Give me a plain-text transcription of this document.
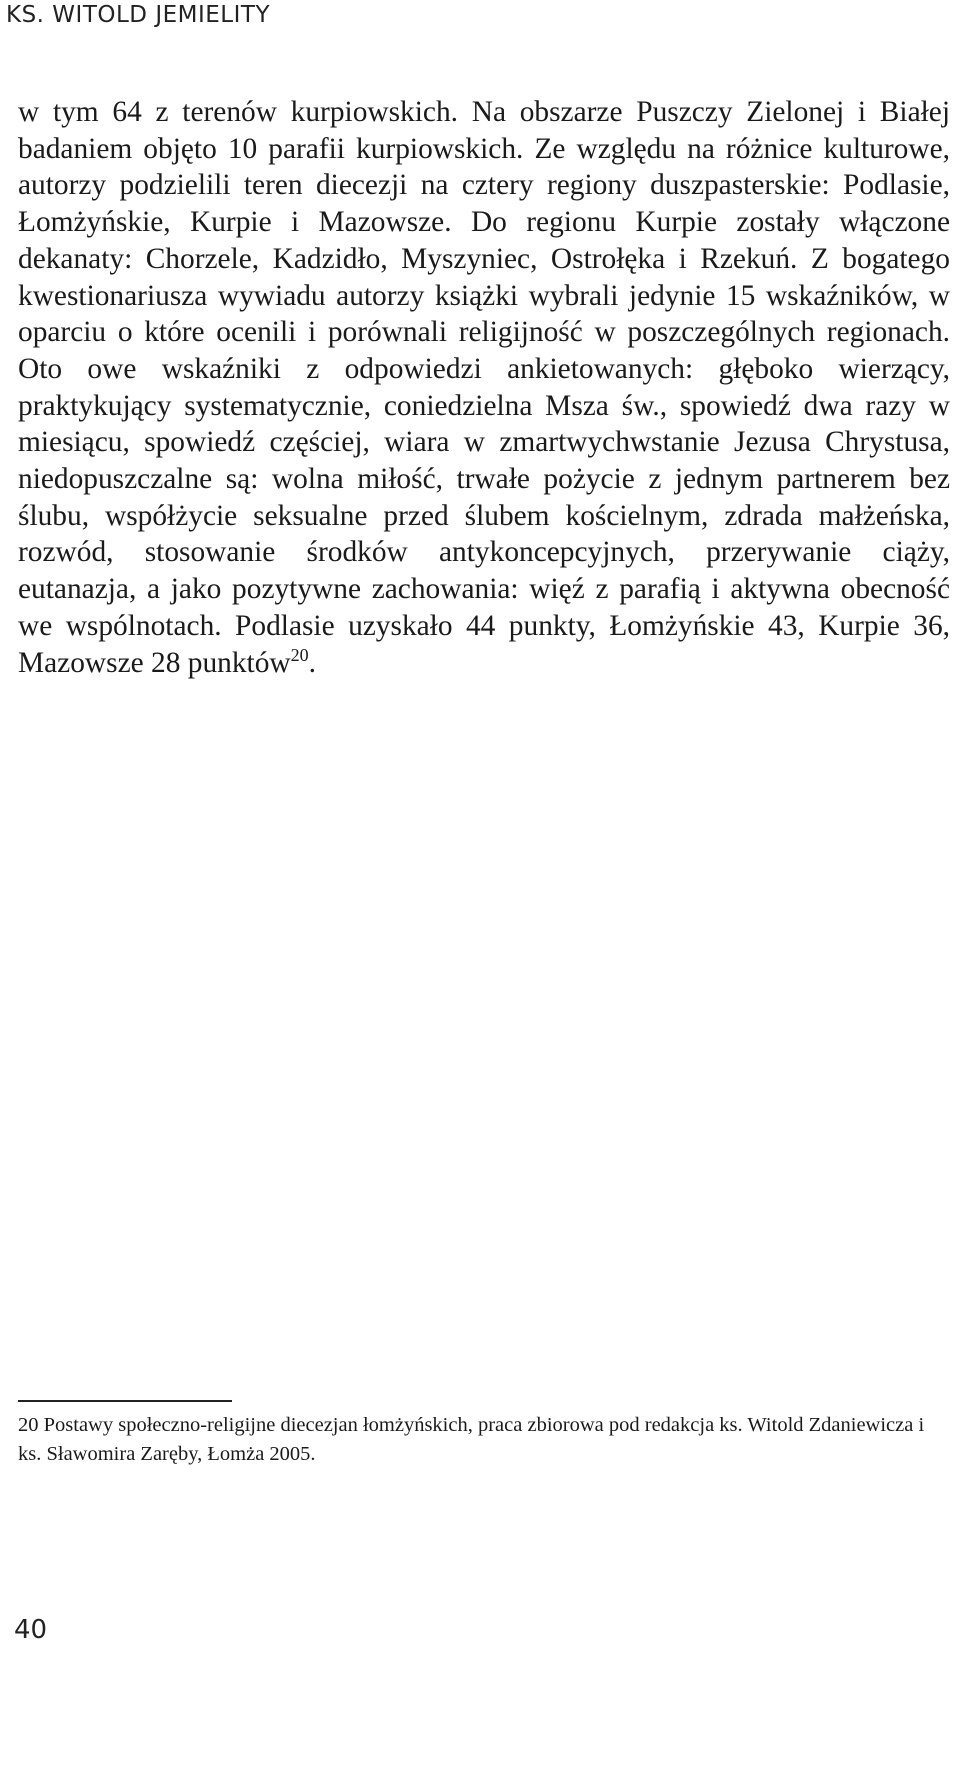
KS. WITOLD JEMIELITY

w tym 64 z terenów kurpiowskich. Na obszarze Puszczy Zielonej i Białej badaniem objęto 10 parafii kurpiowskich. Ze względu na różnice kulturowe, autorzy podzielili teren diecezji na cztery regiony duszpasterskie: Podlasie, Łomżyńskie, Kurpie i Mazowsze. Do regionu Kurpie zostały włączone dekanaty: Chorzele, Kadzidło, Myszyniec, Ostrołęka i Rzekuń. Z bogatego kwestionariusza wywiadu autorzy książki wybrali jedynie 15 wskaźników, w oparciu o które ocenili i porównali religijność w poszczególnych regionach. Oto owe wskaźniki z odpowiedzi ankietowanych: głęboko wierzący, praktykujący systematycznie, coniedzielna Msza św., spowiedź dwa razy w miesiącu, spowiedź częściej, wiara w zmartwychwstanie Jezusa Chrystusa, niedopuszczalne są: wolna miłość, trwałe pożycie z jednym partnerem bez ślubu, współżycie seksualne przed ślubem kościelnym, zdrada małżeńska, rozwód, stosowanie środków antykoncepcyjnych, przerywanie ciąży, eutanazja, a jako pozytywne zachowania: więź z parafią i aktywna obecność we wspólnotach. Podlasie uzyskało 44 punkty, Łomżyńskie 43, Kurpie 36, Mazowsze 28 punktów$^{20}$.

20 Postawy społeczno-religijne diecezjan łomżyńskich, praca zbiorowa pod redakcja ks. Witold Zdaniewicza i ks. Sławomira Zaręby, Łomża 2005.

40
